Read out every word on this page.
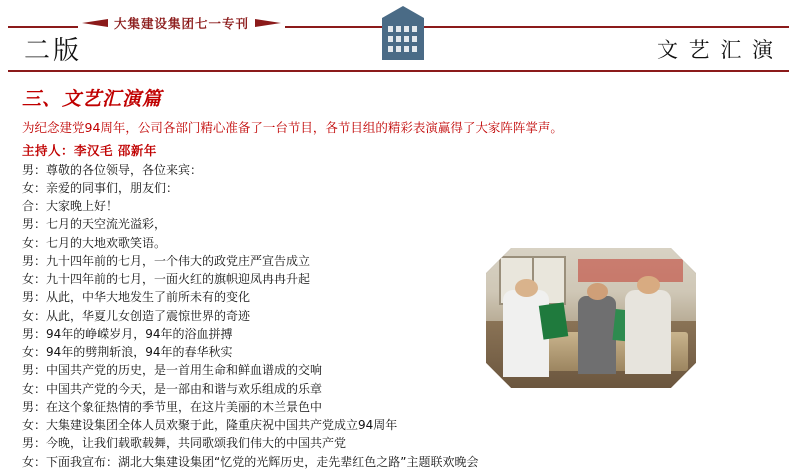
大集建设集团七一专刊
二版	文 艺 汇 演
三、文艺汇演篇
为纪念建党94周年，公司各部门精心准备了一台节目，各节目组的精彩表演赢得了大家阵阵掌声。
主持人：李汉毛 邵新年
男：尊敬的各位领导，各位来宾：
女：亲爱的同事们，朋友们：
合：大家晚上好！
男：七月的天空流光溢彩，
女：七月的大地欢歌笑语。
男：九十四年前的七月，一个伟大的政党庄严宣告成立
女：九十四年前的七月，一面火红的旗帜迎凤冉冉升起
男：从此，中华大地发生了前所未有的变化
女：从此，华夏儿女创造了震惊世界的奇迹
男：94年的峥嵘岁月，94年的浴血拼搏
女：94年的劈荆斩浪，94年的春华秋实
男：中国共产党的历史，是一首用生命和鲜血谱成的交响
女：中国共产党的今天，是一部由和谐与欢乐组成的乐章
男：在这个象征热情的季节里，在这片美丽的木兰景色中
女：大集建设集团全体人员欢聚于此，隆重庆祝中国共产党成立94周年
男：今晚，让我们载歌载舞，共同歌颂我们伟大的中国共产党
女：下面我宣布：湖北大集建设集团“忆党的光辉历史，走先辈红色之路”主题联欢晚会
